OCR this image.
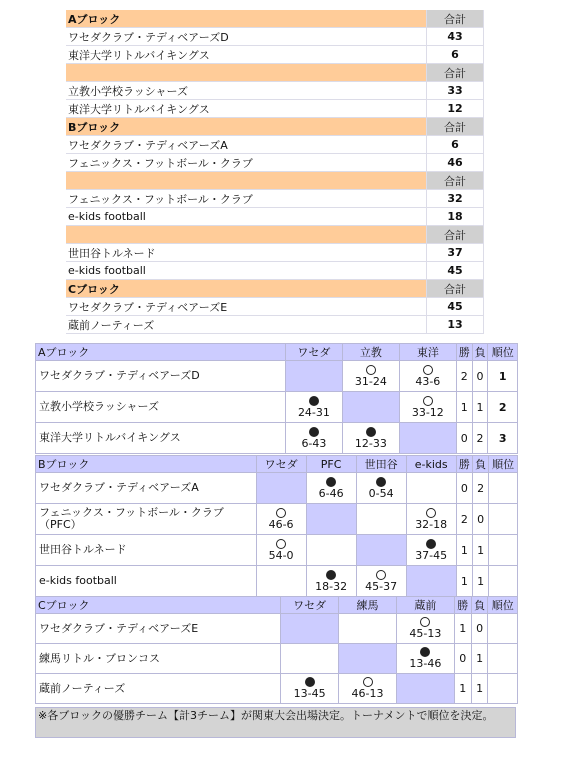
Aブロック	合計
ワセダクラブ・テディベアーズD	43
東洋大学リトルバイキングス	6
	合計
立教小学校ラッシャーズ	33
東洋大学リトルバイキングス	12
Bブロック	合計
ワセダクラブ・テディベアーズA	6
フェニックス・フットボール・クラブ	46
	合計
フェニックス・フットボール・クラブ	32
e-kids football	18
	合計
世田谷トルネード	37
e-kids football	45
Cブロック	合計
ワセダクラブ・テディベアーズE	45
蔵前ノーティーズ	13
Aブロック	ワセダ	立教	東洋	勝	負	順位

ワセダクラブ・テディベアーズD		31-24	43-6	2	0	1

立教小学校ラッシャーズ	24-31		33-12	1	1	2

東洋大学リトルバイキングス	6-43	12-33		0	2	3
Bブロック	ワセダ	PFC	世田谷	e-kids	勝	負	順位

ワセダクラブ・テディベアーズA		6-46	0-54		0	2	

フェニックス・フットボール・クラブ
（PFC）	46-6			32-18	2	0	

世田谷トルネード	54-0			37-45	1	1	

e-kids football		18-32	45-37		1	1	
Cブロック	ワセダ	練馬	蔵前	勝	負	順位

ワセダクラブ・テディベアーズE			45-13	1	0	

練馬リトル・ブロンコス			13-46	0	1	

蔵前ノーティーズ	13-45	46-13		1	1	
※各ブロックの優勝チーム【計3チーム】が関東大会出場決定。トーナメントで順位を決定。
